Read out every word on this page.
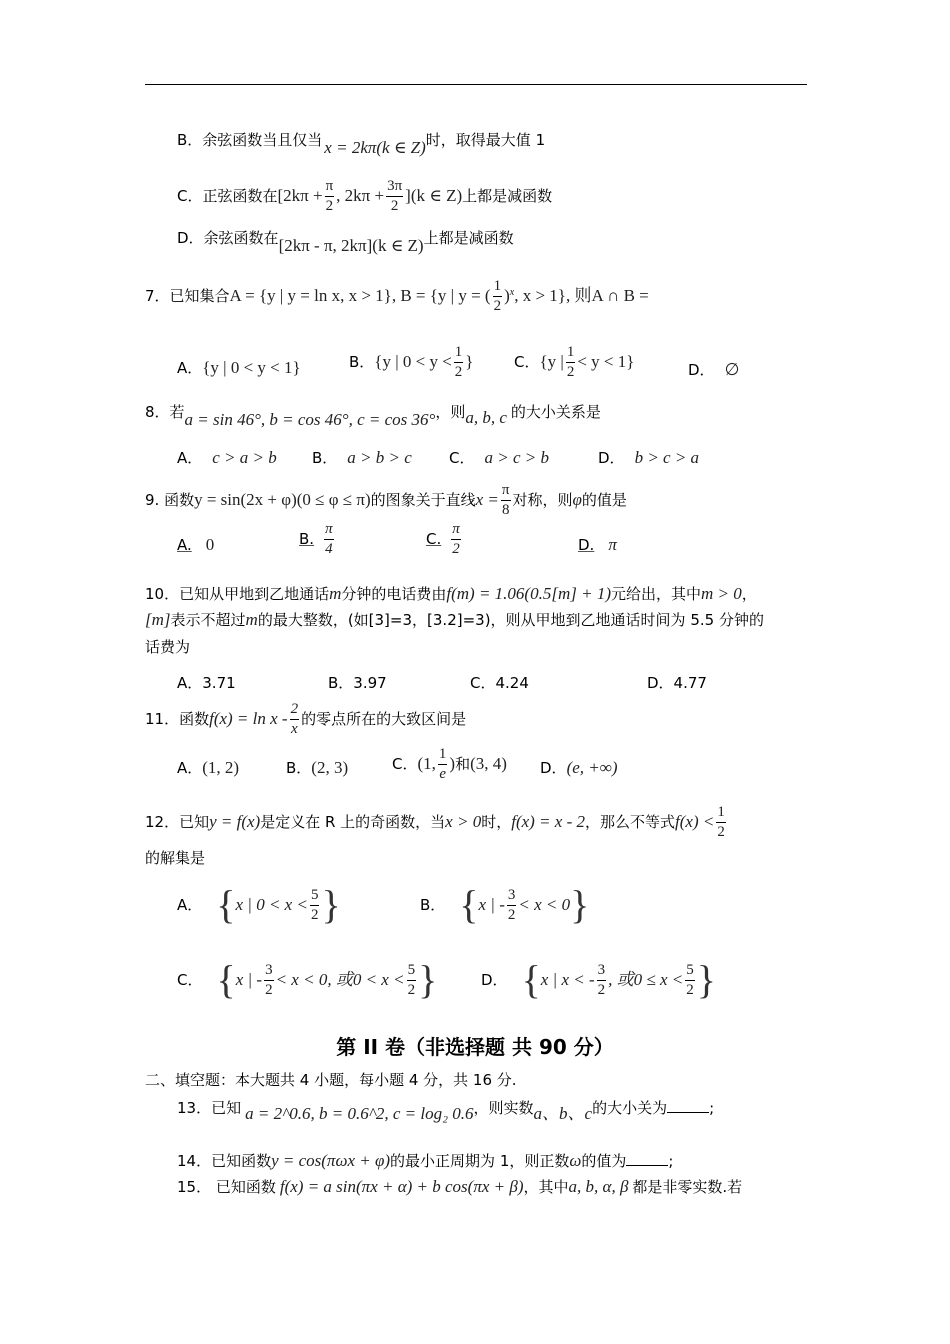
B．余弦函数当且仅当 x = 2kπ(k ∈ Z)时，取得最大值 1
C．正弦函数在[$2k\pi + \frac{\pi}{2}$ , $2k\pi + \frac{3\pi}{2} ](k$ ∈ Z)上都是减函数
D．余弦函数在[2kπ - π, 2kπ](k ∈ Z)上都是减函数
7．已知集合A = {y | y = ln x, x > 1}, B = {y | y = ( $\frac{1}{2} )^x$, x > 1}, 则A ∩ B =
A．{y | 0 < y < 1}	B．{y | $0 < y < \frac{1}{2}$ }	C．{y | $\frac{1}{2} < y < 1$}	D． ∅
8．若a = sin 46°, b = cos 46°, c = cos 36°，则a, b, c 的大小关系是
A． c > a > b B． a > b > c C． a > c > b	D． b > c > a
9. 函数y = sin(2x + φ)(0 ≤ φ ≤ π)的图象关于直线$x = \frac{\pi}{8}$ 对称，则φ的值是
A. 0	B. $\frac{\pi}{4}$	C. $\frac{\pi}{2}$	D. π
10．已知从甲地到乙地通话m分钟的电话费由f(m) = 1.06(0.5[m] + 1)元给出，其中m > 0，
[m]表示不超过m的最大整数，(如[3]=3，[3.2]=3)，则从甲地到乙地通话时间为 5.5 分钟的
话费为
A．3.71	B．3.97	C．4.24	D．4.77
11．函数$f(x) = \ln x - \frac{2}{x}$ 的零点所在的大致区间是
A．(1, 2)	B．(2, 3)	C．(1, $\frac{1}{e}$ )和(3, 4) D．(e, +∞)
12．已知y = f(x)是定义在 R 上的奇函数，当x > 0时，f(x) = x - 2，那么不等式$f(x) < \frac{1}{2}$
的解集是
A． {x | $0 < x < \frac{5}{2}$ }	B． {x | - $\frac{3}{2} < x < 0$}
C． {x | - $\frac{3}{2} < x < 0$, 或$0 < x < \frac{5}{2}$ }	D． {x | x < - $\frac{3}{2}$ , 或$0 \le x < \frac{5}{2}$ }
第 II 卷（非选择题 共 90 分）
二、填空题：本大题共 4 小题，每小题 4 分，共 16 分.
13．已知 a = 2^0.6, b = 0.6^2, c = log₂ 0.6，则实数a、b、c的大小关为	;
14．已知函数y = cos(πωx + φ)的最小正周期为 1，则正数ω的值为	;
15． 已知函数 f(x) = a sin(πx + α) + b cos(πx + β)，其中a, b, α, β 都是非零实数.若
